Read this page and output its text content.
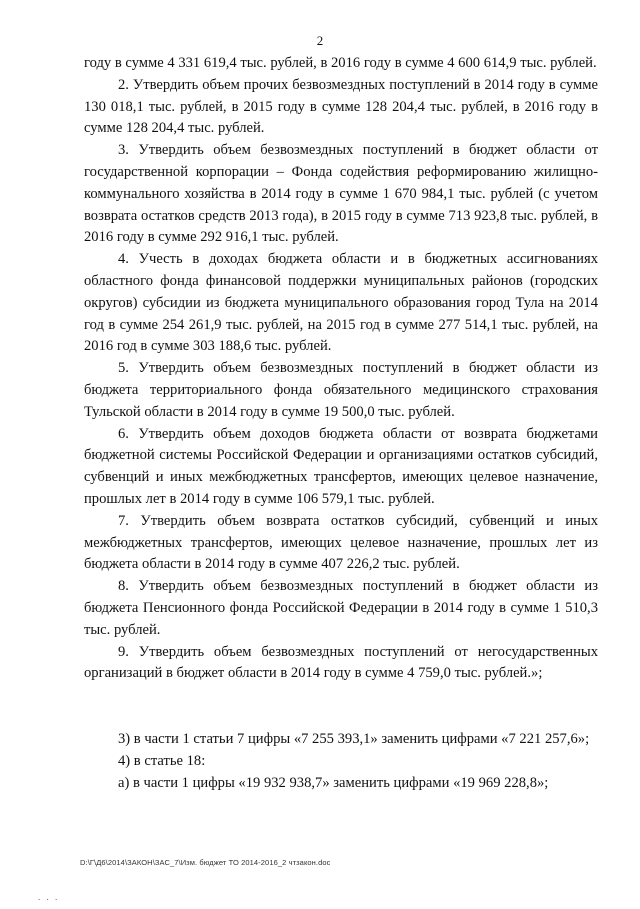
2

году в сумме 4 331 619,4 тыс. рублей, в 2016 году в сумме 4 600 614,9 тыс. рублей.

2. Утвердить объем прочих безвозмездных поступлений в 2014 году в сумме 130 018,1 тыс. рублей, в 2015 году в сумме 128 204,4 тыс. рублей, в 2016 году в сумме 128 204,4 тыс. рублей.

3. Утвердить объем безвозмездных поступлений в бюджет области от государственной корпорации – Фонда содействия реформированию жилищно-коммунального хозяйства в 2014 году в сумме 1 670 984,1 тыс. рублей (с учетом возврата остатков средств 2013 года), в 2015 году в сумме 713 923,8 тыс. рублей, в 2016 году в сумме 292 916,1 тыс. рублей.

4. Учесть в доходах бюджета области и в бюджетных ассигнованиях областного фонда финансовой поддержки муниципальных районов (городских округов) субсидии из бюджета муниципального образования город Тула на 2014 год в сумме 254 261,9 тыс. рублей, на 2015 год в сумме 277 514,1 тыс. рублей, на 2016 год в сумме 303 188,6 тыс. рублей.

5. Утвердить объем безвозмездных поступлений в бюджет области из бюджета территориального фонда обязательного медицинского страхования Тульской области в 2014 году в сумме 19 500,0 тыс. рублей.

6. Утвердить объем доходов бюджета области от возврата бюджетами бюджетной системы Российской Федерации и организациями остатков субсидий, субвенций и иных межбюджетных трансфертов, имеющих целевое назначение, прошлых лет в 2014 году в сумме 106 579,1 тыс. рублей.

7. Утвердить объем возврата остатков субсидий, субвенций и иных межбюджетных трансфертов, имеющих целевое назначение, прошлых лет из бюджета области в 2014 году в сумме 407 226,2 тыс. рублей.

8. Утвердить объем безвозмездных поступлений в бюджет области из бюджета Пенсионного фонда Российской Федерации в 2014 году в сумме 1 510,3 тыс. рублей.

9. Утвердить объем безвозмездных поступлений от негосударственных организаций в бюджет области в 2014 году в сумме 4 759,0 тыс. рублей.»;

3) в части 1 статьи 7 цифры «7 255 393,1» заменить цифрами «7 221 257,6»;

4) в статье 18:

а) в части 1 цифры «19 932 938,7» заменить цифрами «19 969 228,8»;

D:\Г\Д6\2014\ЗАКОН\ЗАС_7\Изм. бюджет ТО 2014-2016_2 чтзакон.doc
. . .
